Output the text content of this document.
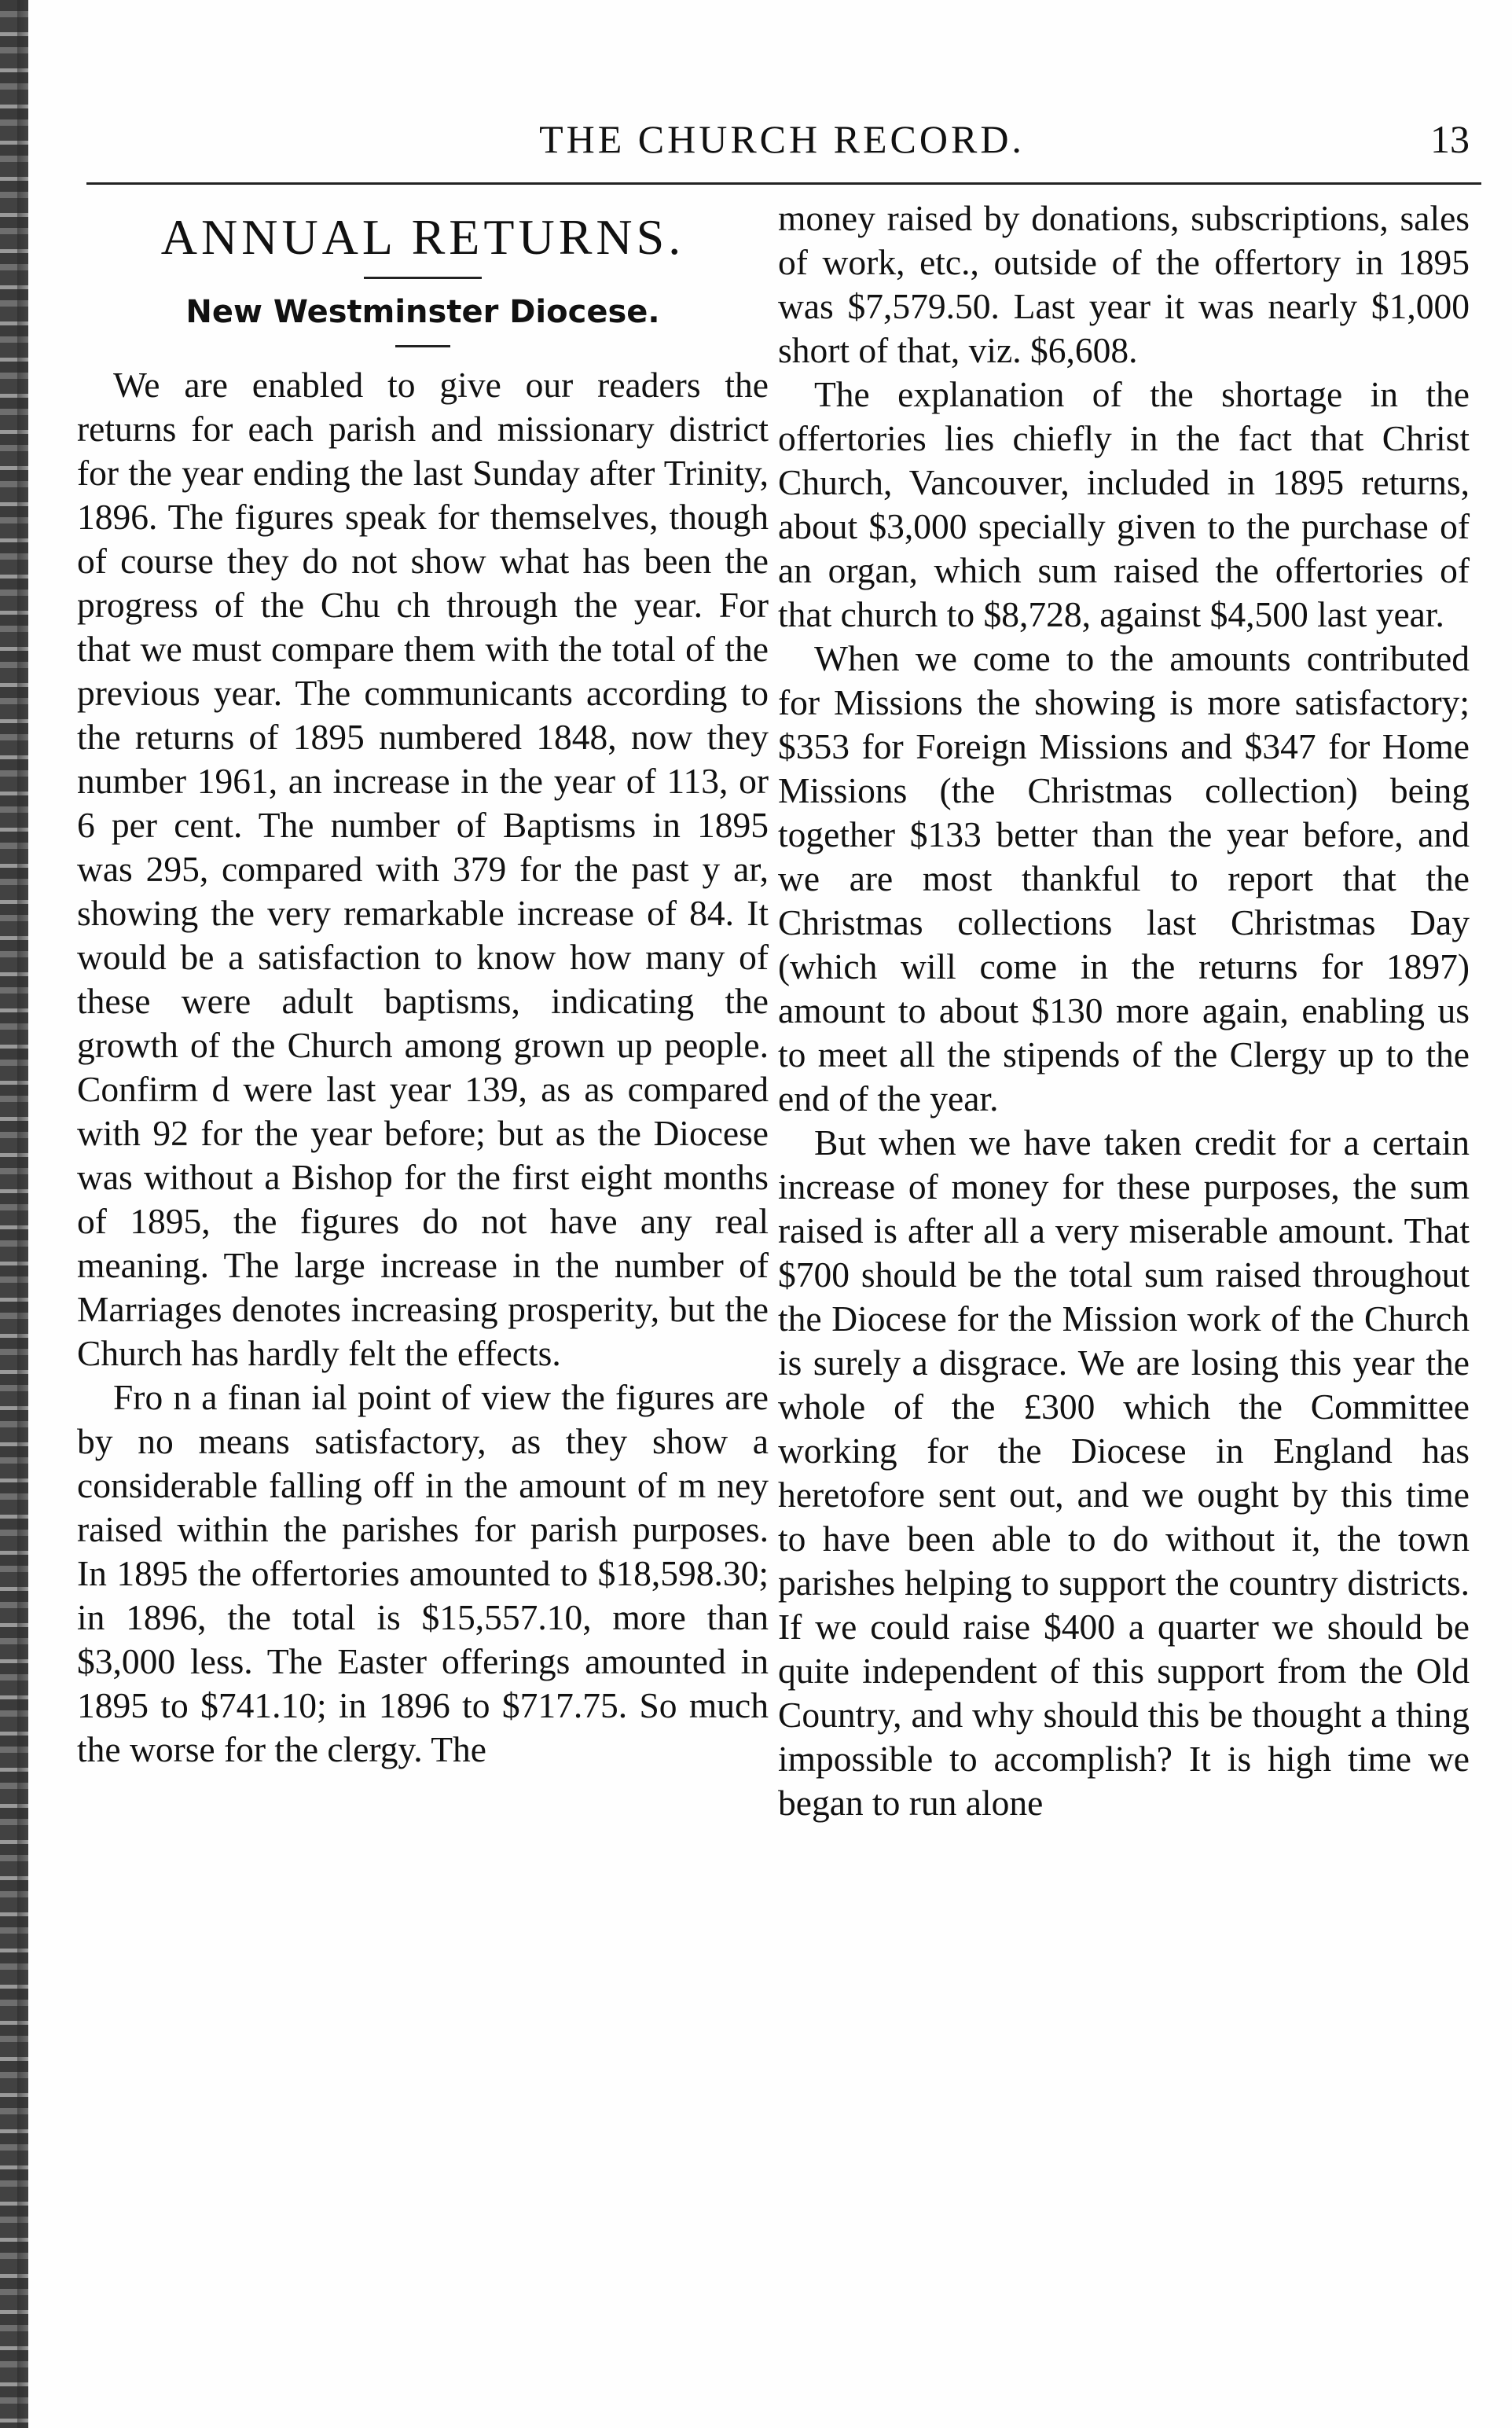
THE CHURCH RECORD.	13
ANNUAL RETURNS.
New Westminster Diocese.

We are enabled to give our readers the returns for each parish and missionary district for the year ending the last Sunday after Trinity, 1896. The figures speak for themselves, though of course they do not show what has been the progress of the Chu ch through the year. For that we must compare them with the total of the previous year. The communicants according to the returns of 1895 numbered 1848, now they number 1961, an increase in the year of 113, or 6 per cent. The number of Baptisms in 1895 was 295, compared with 379 for the past y ar, showing the very remarkable increase of 84. It would be a satisfaction to know how many of these were adult baptisms, indicating the growth of the Church among grown up people. Confirm d were last year 139, as as compared with 92 for the year before; but as the Diocese was without a Bishop for the first eight months of 1895, the figures do not have any real meaning. The large increase in the number of Marriages denotes increasing prosperity, but the Church has hardly felt the effects.

Fro n a finan ial point of view the figures are by no means satisfactory, as they show a considerable falling off in the amount of m ney raised within the parishes for parish purposes. In 1895 the offertories amounted to $18,598.30; in 1896, the total is $15,557.10, more than $3,000 less. The Easter offerings amounted in 1895 to $741.10; in 1896 to $717.75. So much the worse for the clergy. The

money raised by donations, subscriptions, sales of work, etc., outside of the offertory in 1895 was $7,579.50. Last year it was nearly $1,000 short of that, viz. $6,608.

The explanation of the shortage in the offertories lies chiefly in the fact that Christ Church, Vancouver, included in 1895 returns, about $3,000 specially given to the purchase of an organ, which sum raised the offertories of that church to $8,728, against $4,500 last year.

When we come to the amounts contributed for Missions the showing is more satisfactory; $353 for Foreign Missions and $347 for Home Missions (the Christmas collection) being together $133 better than the year before, and we are most thankful to report that the Christmas collections last Christmas Day (which will come in the returns for 1897) amount to about $130 more again, enabling us to meet all the stipends of the Clergy up to the end of the year.

But when we have taken credit for a certain increase of money for these purposes, the sum raised is after all a very miserable amount. That $700 should be the total sum raised throughout the Diocese for the Mission work of the Church is surely a disgrace. We are losing this year the whole of the £300 which the Committee working for the Diocese in England has heretofore sent out, and we ought by this time to have been able to do without it, the town parishes helping to support the country districts. If we could raise $400 a quarter we should be quite independent of this support from the Old Country, and why should this be thought a thing impossible to accomplish? It is high time we began to run alone
